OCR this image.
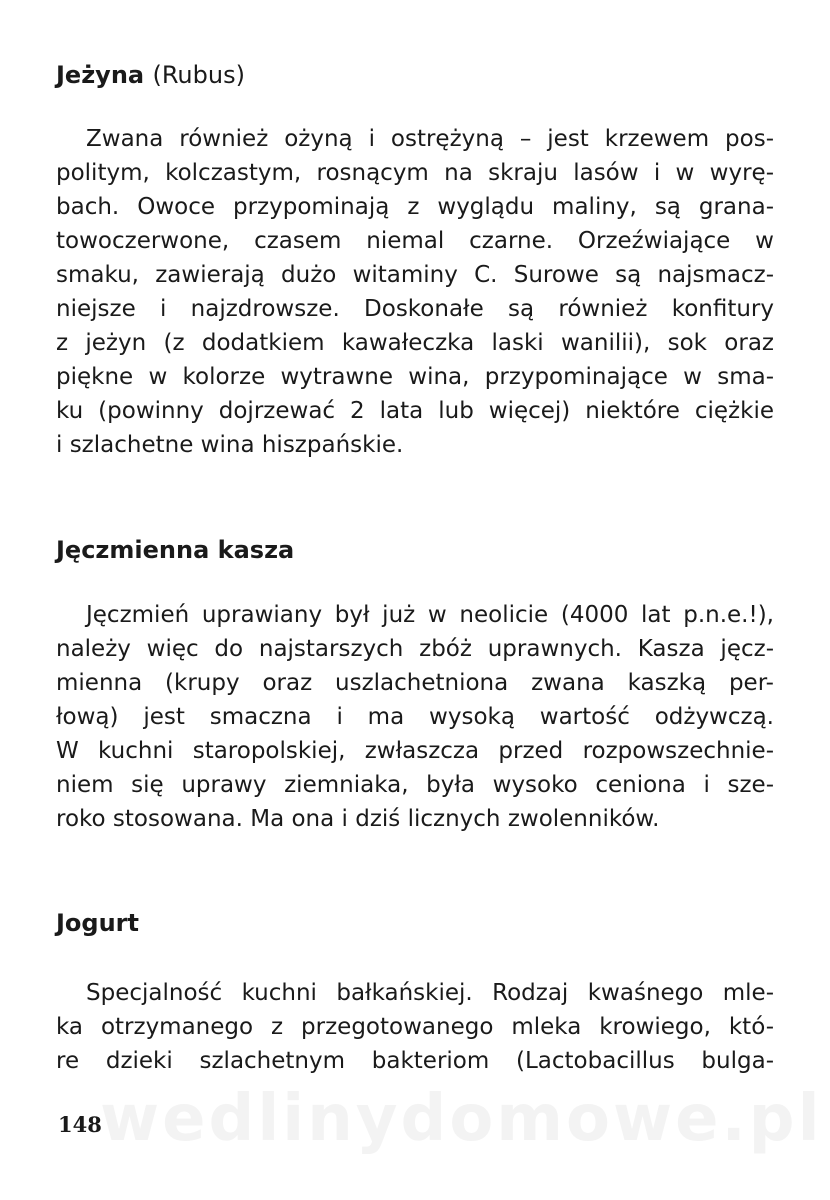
Jeżyna (Rubus)
Zwana również ożyną i ostrężyną – jest krzewem pos-
politym, kolczastym, rosnącym na skraju lasów i w wyrę-
bach. Owoce przypominają z wyglądu maliny, są grana-
towoczerwone, czasem niemal czarne. Orzeźwiające w
smaku, zawierają dużo witaminy C. Surowe są najsmacz-
niejsze i najzdrowsze. Doskonałe są również konfitury
z jeżyn (z dodatkiem kawałeczka laski wanilii), sok oraz
piękne w kolorze wytrawne wina, przypominające w sma-
ku (powinny dojrzewać 2 lata lub więcej) niektóre ciężkie
i szlachetne wina hiszpańskie.
Jęczmienna kasza
Jęczmień uprawiany był już w neolicie (4000 lat p.n.e.!),
należy więc do najstarszych zbóż uprawnych. Kasza jęcz-
mienna (krupy oraz uszlachetniona zwana kaszką per-
łową) jest smaczna i ma wysoką wartość odżywczą.
W kuchni staropolskiej, zwłaszcza przed rozpowszechnie-
niem się uprawy ziemniaka, była wysoko ceniona i sze-
roko stosowana. Ma ona i dziś licznych zwolenników.
Jogurt
Specjalność kuchni bałkańskiej. Rodzaj kwaśnego mle-
ka otrzymanego z przegotowanego mleka krowiego, któ-
re dzieki szlachetnym bakteriom (Lactobacillus bulga-
wedlinydomowe.pl
148
